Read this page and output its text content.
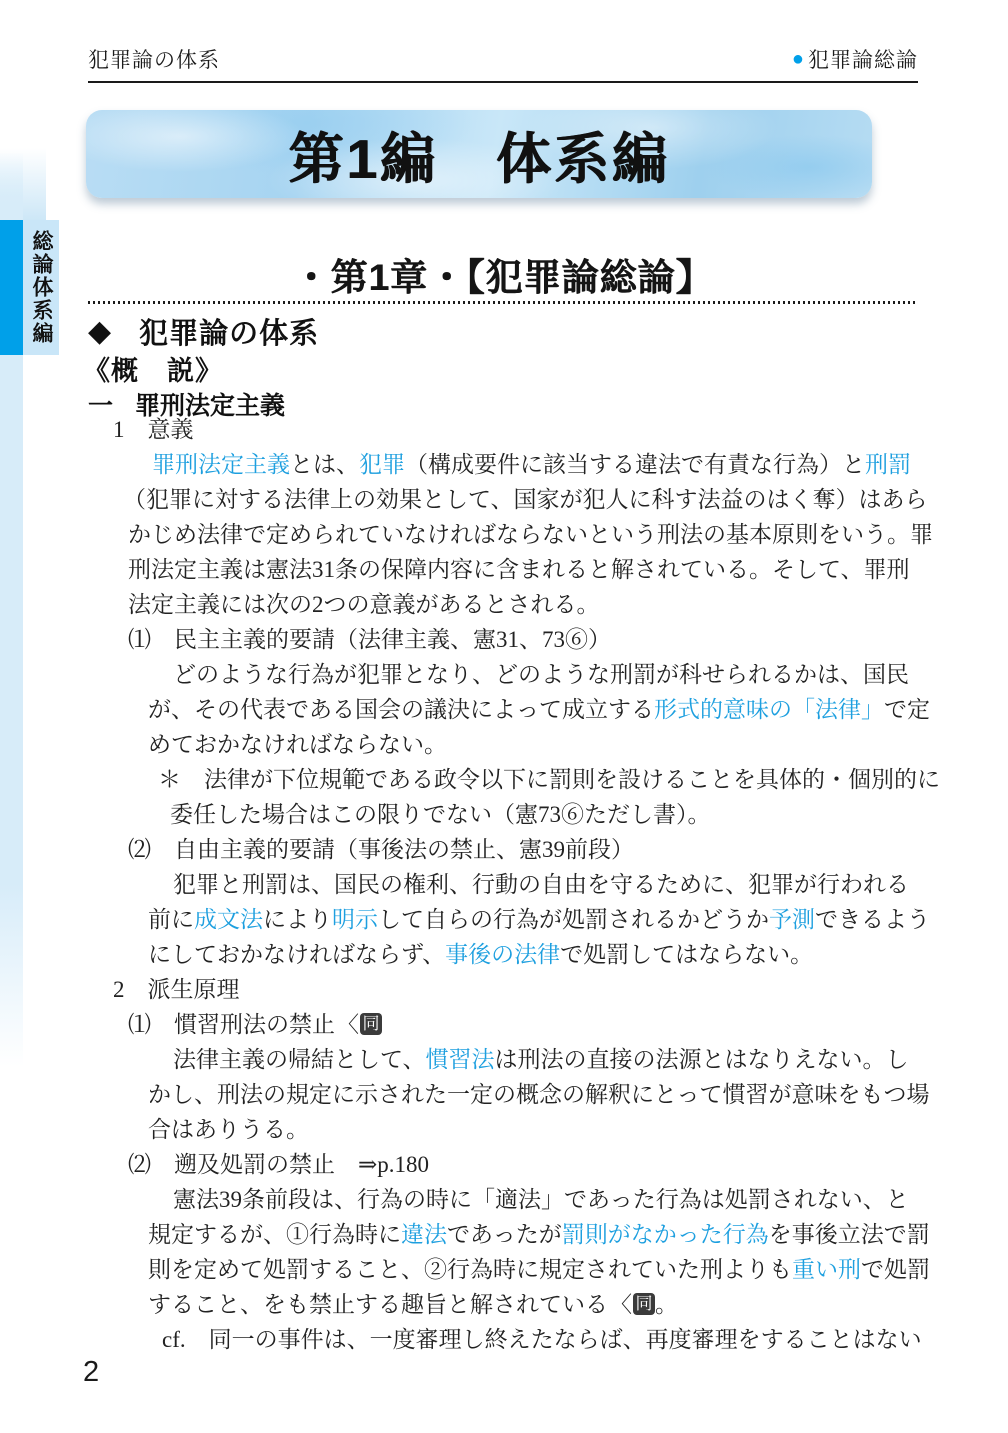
総論体系編
犯罪論の体系	● 犯罪論総論
第1編　体系編
・第1章・【犯罪論総論】
◆ 犯罪論の体系
《概　説》
一 罪刑法定主義
1　意義
罪刑法定主義とは、犯罪（構成要件に該当する違法で有責な行為）と刑罰
（犯罪に対する法律上の効果として、国家が犯人に科す法益のはく奪）はあら
かじめ法律で定められていなければならないという刑法の基本原則をいう。罪
刑法定主義は憲法31条の保障内容に含まれると解されている。そして、罪刑
法定主義には次の2つの意義があるとされる。
⑴　民主主義的要請（法律主義、憲31、73⑥）
どのような行為が犯罪となり、どのような刑罰が科せられるかは、国民
が、その代表である国会の議決によって成立する形式的意味の「法律」で定
めておかなければならない。
＊　法律が下位規範である政令以下に罰則を設けることを具体的・個別的に
委任した場合はこの限りでない（憲73⑥ただし書）。
⑵　自由主義的要請（事後法の禁止、憲39前段）
犯罪と刑罰は、国民の権利、行動の自由を守るために、犯罪が行われる
前に成文法により明示して自らの行為が処罰されるかどうか予測できるよう
にしておかなければならず、事後の法律で処罰してはならない。
2　派生原理
⑴　慣習刑法の禁止 〈 同
法律主義の帰結として、慣習法は刑法の直接の法源とはなりえない。し
かし、刑法の規定に示された一定の概念の解釈にとって慣習が意味をもつ場
合はありうる。
⑵　遡及処罰の禁止　⇒p.180
憲法39条前段は、行為の時に「適法」であった行為は処罰されない、と
規定するが、①行為時に違法であったが罰則がなかった行為を事後立法で罰
則を定めて処罰すること、②行為時に規定されていた刑よりも重い刑で処罰
すること、をも禁止する趣旨と解されている 〈 同 。
cf.　同一の事件は、一度審理し終えたならば、再度審理をすることはない
2
